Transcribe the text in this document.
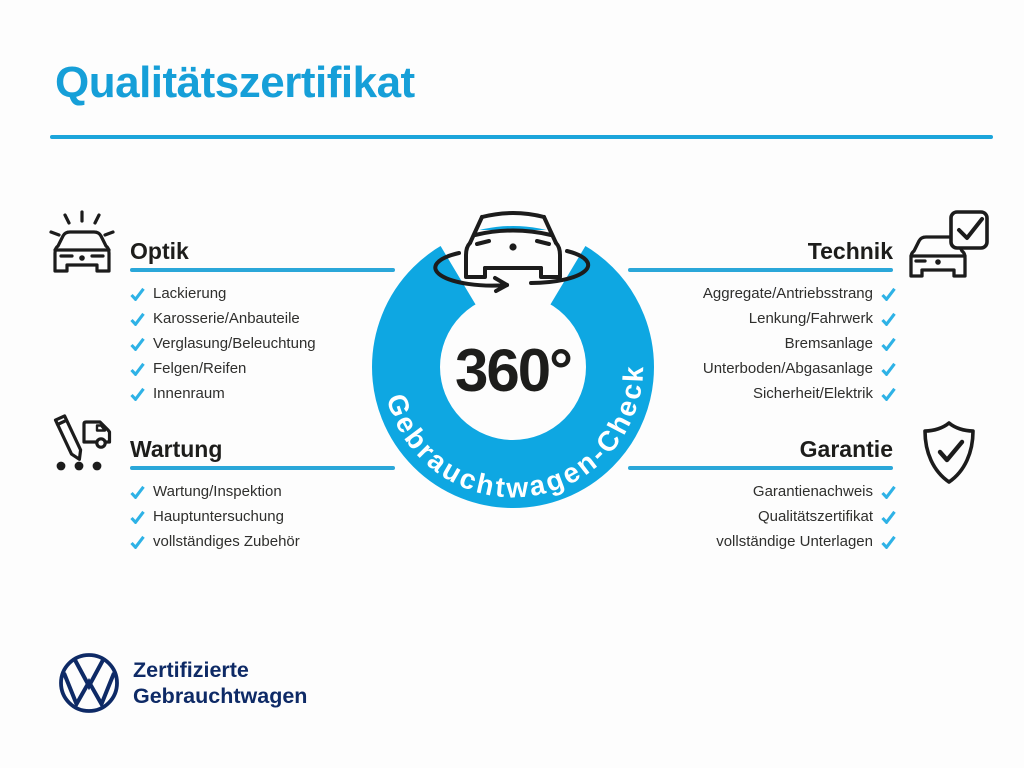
Qualitätszertifikat
Optik
Lackierung
Karosserie/Anbauteile
Verglasung/Beleuchtung
Felgen/Reifen
Innenraum
Wartung
Wartung/Inspektion
Hauptuntersuchung
vollständiges Zubehör
Technik
Aggregate/Antriebsstrang
Lenkung/Fahrwerk
Bremsanlage
Unterboden/Abgasanlage
Sicherheit/Elektrik
Garantie
Garantienachweis
Qualitätszertifikat
vollständige Unterlagen
Gebrauchtwagen-Check
360°
Zertifizierte
Gebrauchtwagen
